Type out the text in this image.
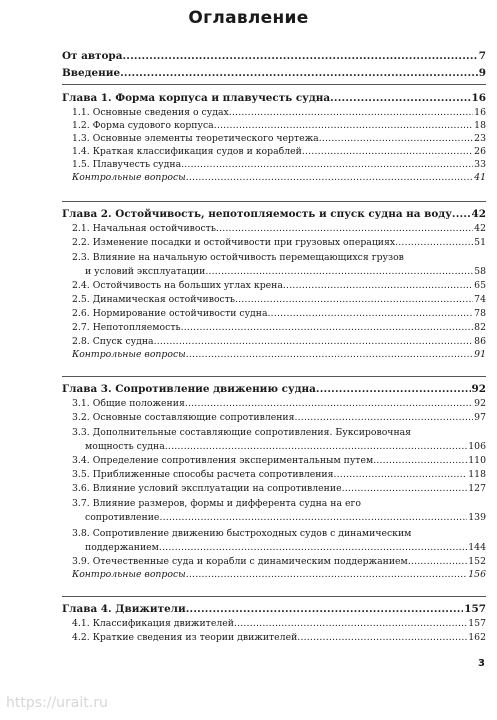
Оглавление
От автора .....	7
Введение .....	9
Глава 1. Форма корпуса и плавучесть судна .....	16
1.1. Основные сведения о судах .....	16
1.2. Форма судового корпуса .....	18
1.3. Основные элементы теоретического чертежа .....	23
1.4. Краткая классификация судов и кораблей .....	26
1.5. Плавучесть судна .....	33
Контрольные вопросы .....	41
Глава 2. Остойчивость, непотопляемость и спуск судна на воду ..... 42
2.1. Начальная остойчивость .....	42
2.2. Изменение посадки и остойчивости при грузовых операциях .....	51
2.3. Влияние на начальную остойчивость перемещающихся грузов
и условий эксплуатации .....	58
2.4. Остойчивость на больших углах крена .....	65
2.5. Динамическая остойчивость .....	74
2.6. Нормирование остойчивости судна .....	78
2.7. Непотопляемость .....	82
2.8. Спуск судна .....	86
Контрольные вопросы .....	91
Глава 3. Сопротивление движению судна .....	92
3.1. Общие положения .....	92
3.2. Основные составляющие сопротивления .....	97
3.3. Дополнительные составляющие сопротивления. Буксировочная
мощность судна .....	106
3.4. Определение сопротивления экспериментальным путем .....	110
3.5. Приближенные способы расчета сопротивления .....	118
3.6. Влияние условий эксплуатации на сопротивление .....	127
3.7. Влияние размеров, формы и дифферента судна на его
сопротивление .....	139
3.8. Сопротивление движению быстроходных судов с динамическим
поддержанием .....	144
3.9. Отечественные суда и корабли с динамическим поддержанием .....	152
Контрольные вопросы .....	156
Глава 4. Движители .....	157
4.1. Классификация движителей .....	157
4.2. Краткие сведения из теории движителей .....	162
3
https://urait.ru
